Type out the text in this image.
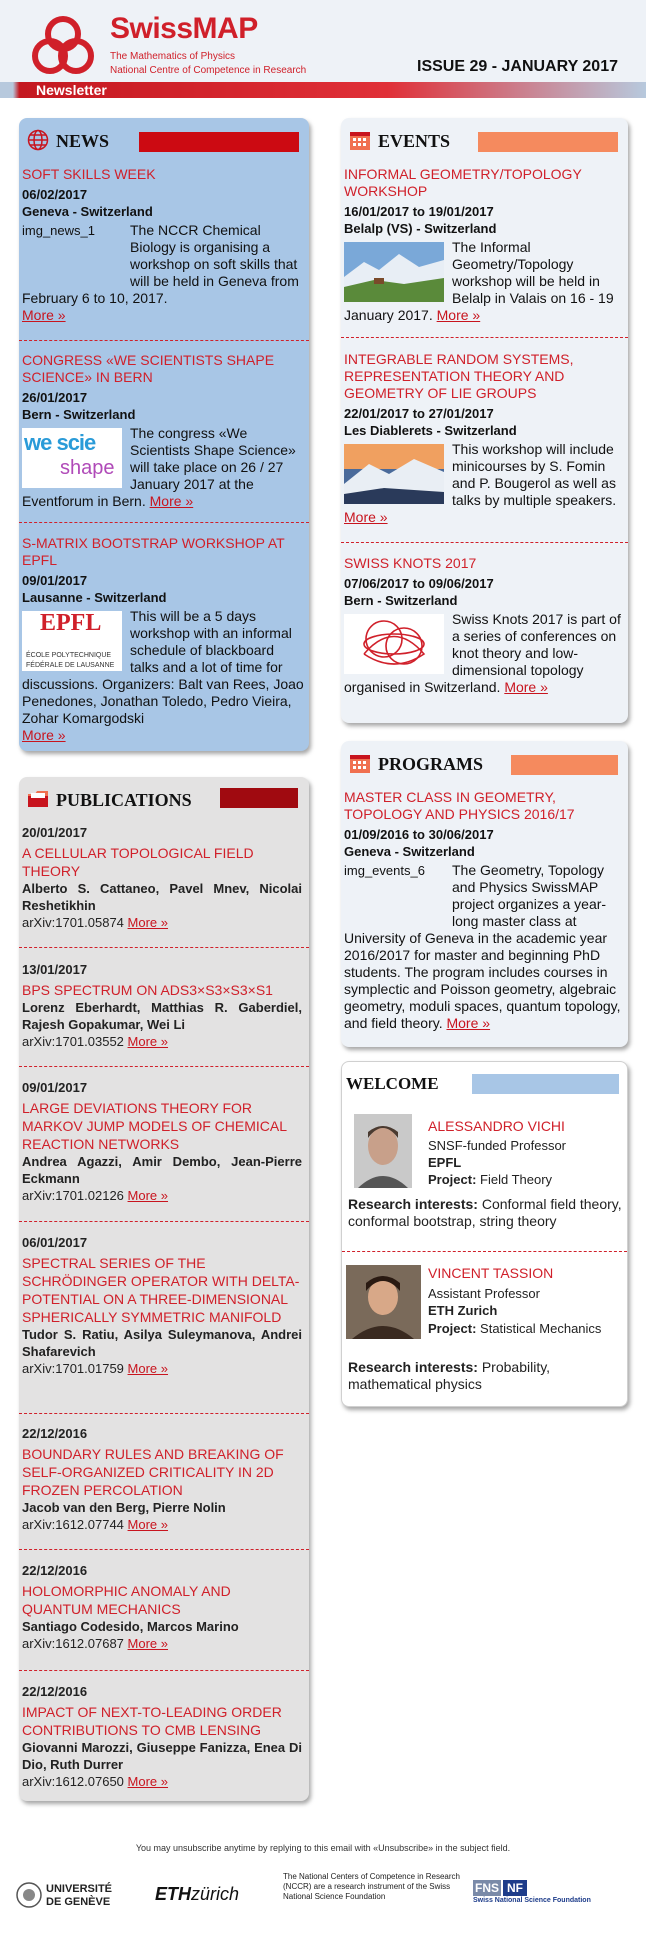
SwissMAP
The Mathematics of Physics
National Centre of Competence in Research	ISSUE 29 - JANUARY 2017
Newsletter
NEWS
SOFT SKILLS WEEK
06/02/2017
Geneva - Switzerland
img_news_1	The NCCR Chemical Biology is organising a workshop on soft skills that will be held in Geneva from February 6 to 10, 2017.
More »
CONGRESS «WE SCIENTISTS SHAPE SCIENCE» IN BERN
26/01/2017
Bern - Switzerland
we scie
shape
The congress «We Scientists Shape Science» will take place on 26 / 27 January 2017 at the Eventforum in Bern. More »
S-MATRIX BOOTSTRAP WORKSHOP AT EPFL
09/01/2017
Lausanne - Switzerland
EPFL
ÉCOLE POLYTECHNIQUE
FÉDÉRALE DE LAUSANNE
This will be a 5 days workshop with an informal schedule of blackboard talks and a lot of time for discussions. Organizers: Balt van Rees, Joao Penedones, Jonathan Toledo, Pedro Vieira, Zohar Komargodski
More »
EVENTS
INFORMAL GEOMETRY/TOPOLOGY WORKSHOP
16/01/2017 to 19/01/2017
Belalp (VS) - Switzerland
The Informal Geometry/Topology workshop will be held in Belalp in Valais on 16 - 19 January 2017. More »
INTEGRABLE RANDOM SYSTEMS, REPRESENTATION THEORY AND GEOMETRY OF LIE GROUPS
22/01/2017 to 27/01/2017
Les Diablerets - Switzerland
This workshop will include minicourses by S. Fomin and P. Bougerol as well as talks by multiple speakers. More »
SWISS KNOTS 2017
07/06/2017 to 09/06/2017
Bern - Switzerland
Swiss Knots 2017 is part of a series of conferences on knot theory and low-dimensional topology organised in Switzerland. More »
PUBLICATIONS
20/01/2017
A CELLULAR TOPOLOGICAL FIELD THEORY
Alberto S. Cattaneo, Pavel Mnev, Nicolai Reshetikhin
arXiv:1701.05874 More »
13/01/2017
BPS SPECTRUM ON ADS3×S3×S3×S1
Lorenz Eberhardt, Matthias R. Gaberdiel, Rajesh Gopakumar, Wei Li
arXiv:1701.03552 More »
09/01/2017
LARGE DEVIATIONS THEORY FOR MARKOV JUMP MODELS OF CHEMICAL REACTION NETWORKS
Andrea Agazzi, Amir Dembo, Jean-Pierre Eckmann
arXiv:1701.02126 More »
06/01/2017
SPECTRAL SERIES OF THE SCHRÖDINGER OPERATOR WITH DELTA-POTENTIAL ON A THREE-DIMENSIONAL SPHERICALLY SYMMETRIC MANIFOLD
Tudor S. Ratiu, Asilya Suleymanova, Andrei Shafarevich
arXiv:1701.01759 More »
22/12/2016
BOUNDARY RULES AND BREAKING OF SELF-ORGANIZED CRITICALITY IN 2D FROZEN PERCOLATION
Jacob van den Berg, Pierre Nolin
arXiv:1612.07744 More »
22/12/2016
HOLOMORPHIC ANOMALY AND QUANTUM MECHANICS
Santiago Codesido, Marcos Marino
arXiv:1612.07687 More »
22/12/2016
IMPACT OF NEXT-TO-LEADING ORDER CONTRIBUTIONS TO CMB LENSING
Giovanni Marozzi, Giuseppe Fanizza, Enea Di Dio, Ruth Durrer
arXiv:1612.07650 More »
PROGRAMS
MASTER CLASS IN GEOMETRY, TOPOLOGY AND PHYSICS 2016/17
01/09/2016 to 30/06/2017
Geneva - Switzerland
img_events_6	The Geometry, Topology and Physics SwissMAP project organizes a year-long master class at University of Geneva in the academic year 2016/2017 for master and beginning PhD students. The program includes courses in symplectic and Poisson geometry, algebraic geometry, moduli spaces, quantum topology, and field theory. More »
WELCOME
ALESSANDRO VICHI
SNSF-funded Professor
EPFL
Project: Field Theory
Research interests: Conformal field theory, conformal bootstrap, string theory
VINCENT TASSION
Assistant Professor
ETH Zurich
Project: Statistical Mechanics
Research interests: Probability, mathematical physics
You may unsubscribe anytime by replying to this email with «Unsubscribe» in the subject field.
UNIVERSITÉ
DE GENÈVE ETHzürich
The National Centers of Competence in Research (NCCR) are a research instrument of the Swiss National Science Foundation
FNS NF
Swiss National Science Foundation
